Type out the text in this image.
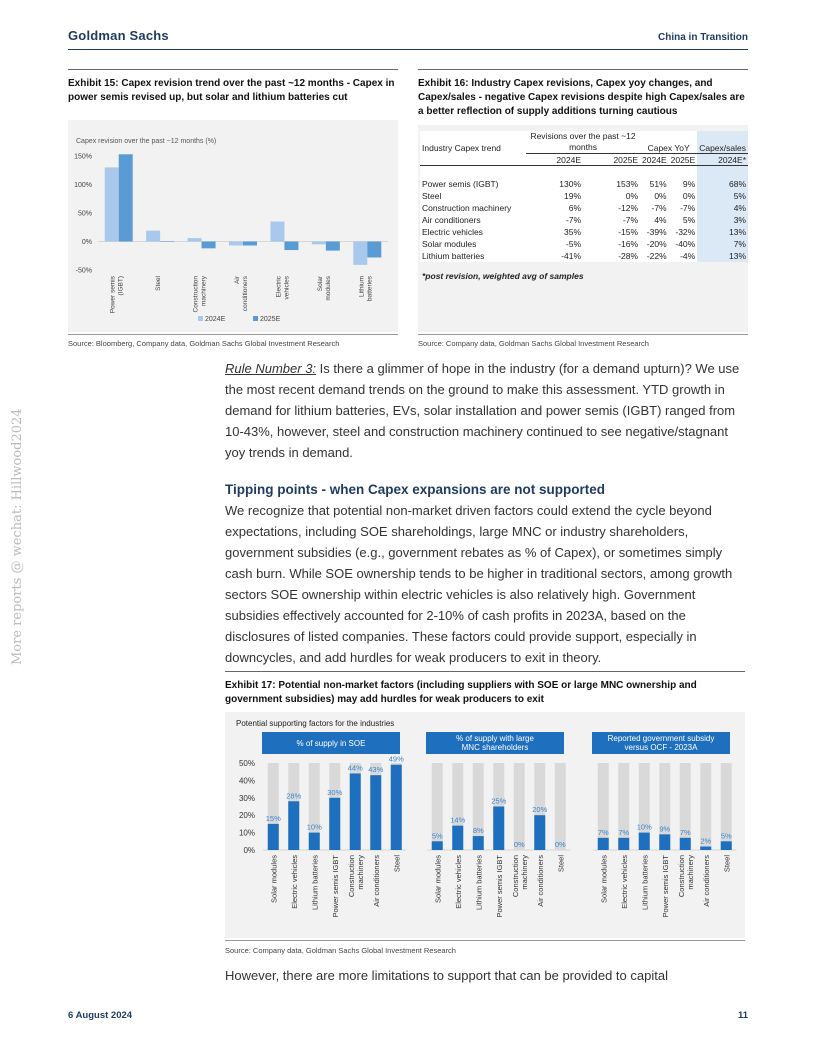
Goldman Sachs	China in Transition
More reports @ wechat: Hillwood2024
Exhibit 15: Capex revision trend over the past ~12 months - Capex in power semis revised up, but solar and lithium batteries cut
Capex revision over the past ~12 months (%)
-50%
0%
50%
100%
150%
Power semis(IGBT)	Steel	Constructionmachinery	Airconditioners	Electricvehicles	Solarmodules	Lithiumbatteries
2024E	2025E
Source: Bloomberg, Company data, Goldman Sachs Global Investment Research
Exhibit 16: Industry Capex revisions, Capex yoy changes, and Capex/sales - negative Capex revisions despite high Capex/sales are a better reflection of supply additions turning cautious
Industry Capex trend	Revisions over the past ~12 months		Capex YoY		Capex/sales
	2024E	2025E	2024E	2025E	2024E*

Power semis (IGBT)	130%	153%	51%	9%	68%
Steel	19%	0%	0%	0%	5%
Construction machinery	6%	-12%	-7%	-7%	4%
Air conditioners	-7%	-7%	4%	5%	3%
Electric vehicles	35%	-15%	-39%	-32%	13%
Solar modules	-5%	-16%	-20%	-40%	7%
Lithium batteries	-41%	-28%	-22%	-4%	13%
*post revision, weighted avg of samples
Source: Company data, Goldman Sachs Global Investment Research
Rule Number 3: Is there a glimmer of hope in the industry (for a demand upturn)? We use the most recent demand trends on the ground to make this assessment. YTD growth in demand for lithium batteries, EVs, solar installation and power semis (IGBT) ranged from 10-43%, however, steel and construction machinery continued to see negative/stagnant yoy trends in demand.
Tipping points - when Capex expansions are not supported
We recognize that potential non-market driven factors could extend the cycle beyond expectations, including SOE shareholdings, large MNC or industry shareholders, government subsidies (e.g., government rebates as % of Capex), or sometimes simply cash burn. While SOE ownership tends to be higher in traditional sectors, among growth sectors SOE ownership within electric vehicles is also relatively high. Government subsidies effectively accounted for 2-10% of cash profits in 2023A, based on the disclosures of listed companies. These factors could provide support, especially in downcycles, and add hurdles for weak producers to exit in theory.
Exhibit 17: Potential non-market factors (including suppliers with SOE or large MNC ownership and government subsidies) may add hurdles for weak producers to exit
Potential supporting factors for the industries
0%
10%
20%
30%
40%
50%
% of supply in SOE
15%
Solar modules
28%
Electric vehicles
10%
Lithium batteries
30%
Power semis IGBT
44%
Constructionmachinery
43%
Air conditioners
49%
Steel
% of supply with large MNC shareholders
5%
Solar modules
14%
Electric vehicles
8%
Lithium batteries
25%
Power semis IGBT
0%
Constructionmachinery
20%
Air conditioners
0%
Steel
Reported government subsidy versus OCF - 2023A
7%
Solar modules
7%
Electric vehicles
10%
Lithium batteries
9%
Power semis IGBT
7%
Constructionmachinery
2%
Air conditioners
5%
Steel
Source: Company data, Goldman Sachs Global Investment Research
However, there are more limitations to support that can be provided to capital
6 August 2024	11
